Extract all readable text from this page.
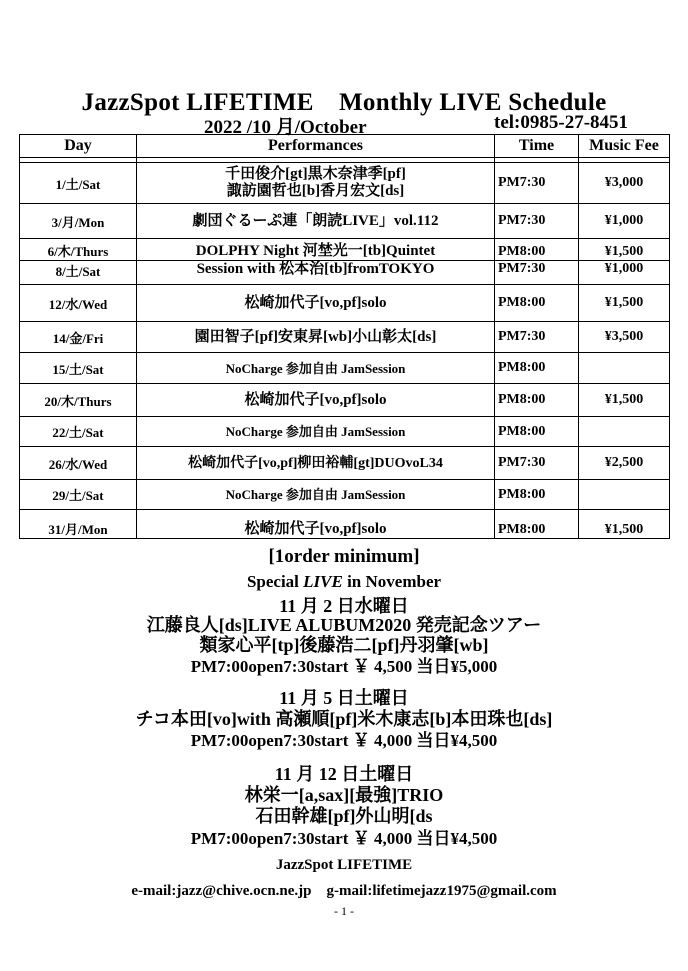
JazzSpot LIFETIME　Monthly LIVE Schedule
2022 /10 月/October	tel:0985-27-8451
Day	Performances	Time	Music Fee

1/土/Sat	千田俊介[gt]黒木奈津季[pf]
諏訪園哲也[b]香月宏文[ds]	PM7:30	¥3,000
3/月/Mon	劇団ぐるーぷ連「朗読LIVE」vol.112	PM7:30	¥1,000
6/木/Thurs	DOLPHY Night 河埜光一[tb]Quintet	PM8:00	¥1,500
8/土/Sat	Session with 松本治[tb]fromTOKYO	PM7:30	¥1,000
12/水/Wed	松崎加代子[vo,pf]solo	PM8:00	¥1,500
14/金/Fri	園田智子[pf]安東昇[wb]小山彰太[ds]	PM7:30	¥3,500
15/土/Sat	NoCharge 参加自由 JamSession	PM8:00	
20/木/Thurs	松崎加代子[vo,pf]solo	PM8:00	¥1,500
22/土/Sat	NoCharge 参加自由 JamSession	PM8:00	
26/水/Wed	松崎加代子[vo,pf]柳田裕輔[gt]DUOvoL34	PM7:30	¥2,500
29/土/Sat	NoCharge 参加自由 JamSession	PM8:00	
31/月/Mon	松崎加代子[vo,pf]solo	PM8:00	¥1,500
[1order minimum]
Special LIVE in November
11 月 2 日水曜日
江藤良人[ds]LIVE ALUBUM2020 発売記念ツアー
類家心平[tp]後藤浩二[pf]丹羽肇[wb]
PM7:00open7:30start ￥ 4,500 当日¥5,000
11 月 5 日土曜日
チコ本田[vo]with 高瀬順[pf]米木康志[b]本田珠也[ds]
PM7:00open7:30start ￥ 4,000 当日¥4,500
11 月 12 日土曜日
林栄一[a,sax][最強]TRIO
石田幹雄[pf]外山明[ds
PM7:00open7:30start ￥ 4,000 当日¥4,500
JazzSpot LIFETIME
e-mail:jazz@chive.ocn.ne.jp　g-mail:lifetimejazz1975@gmail.com
- 1 -
